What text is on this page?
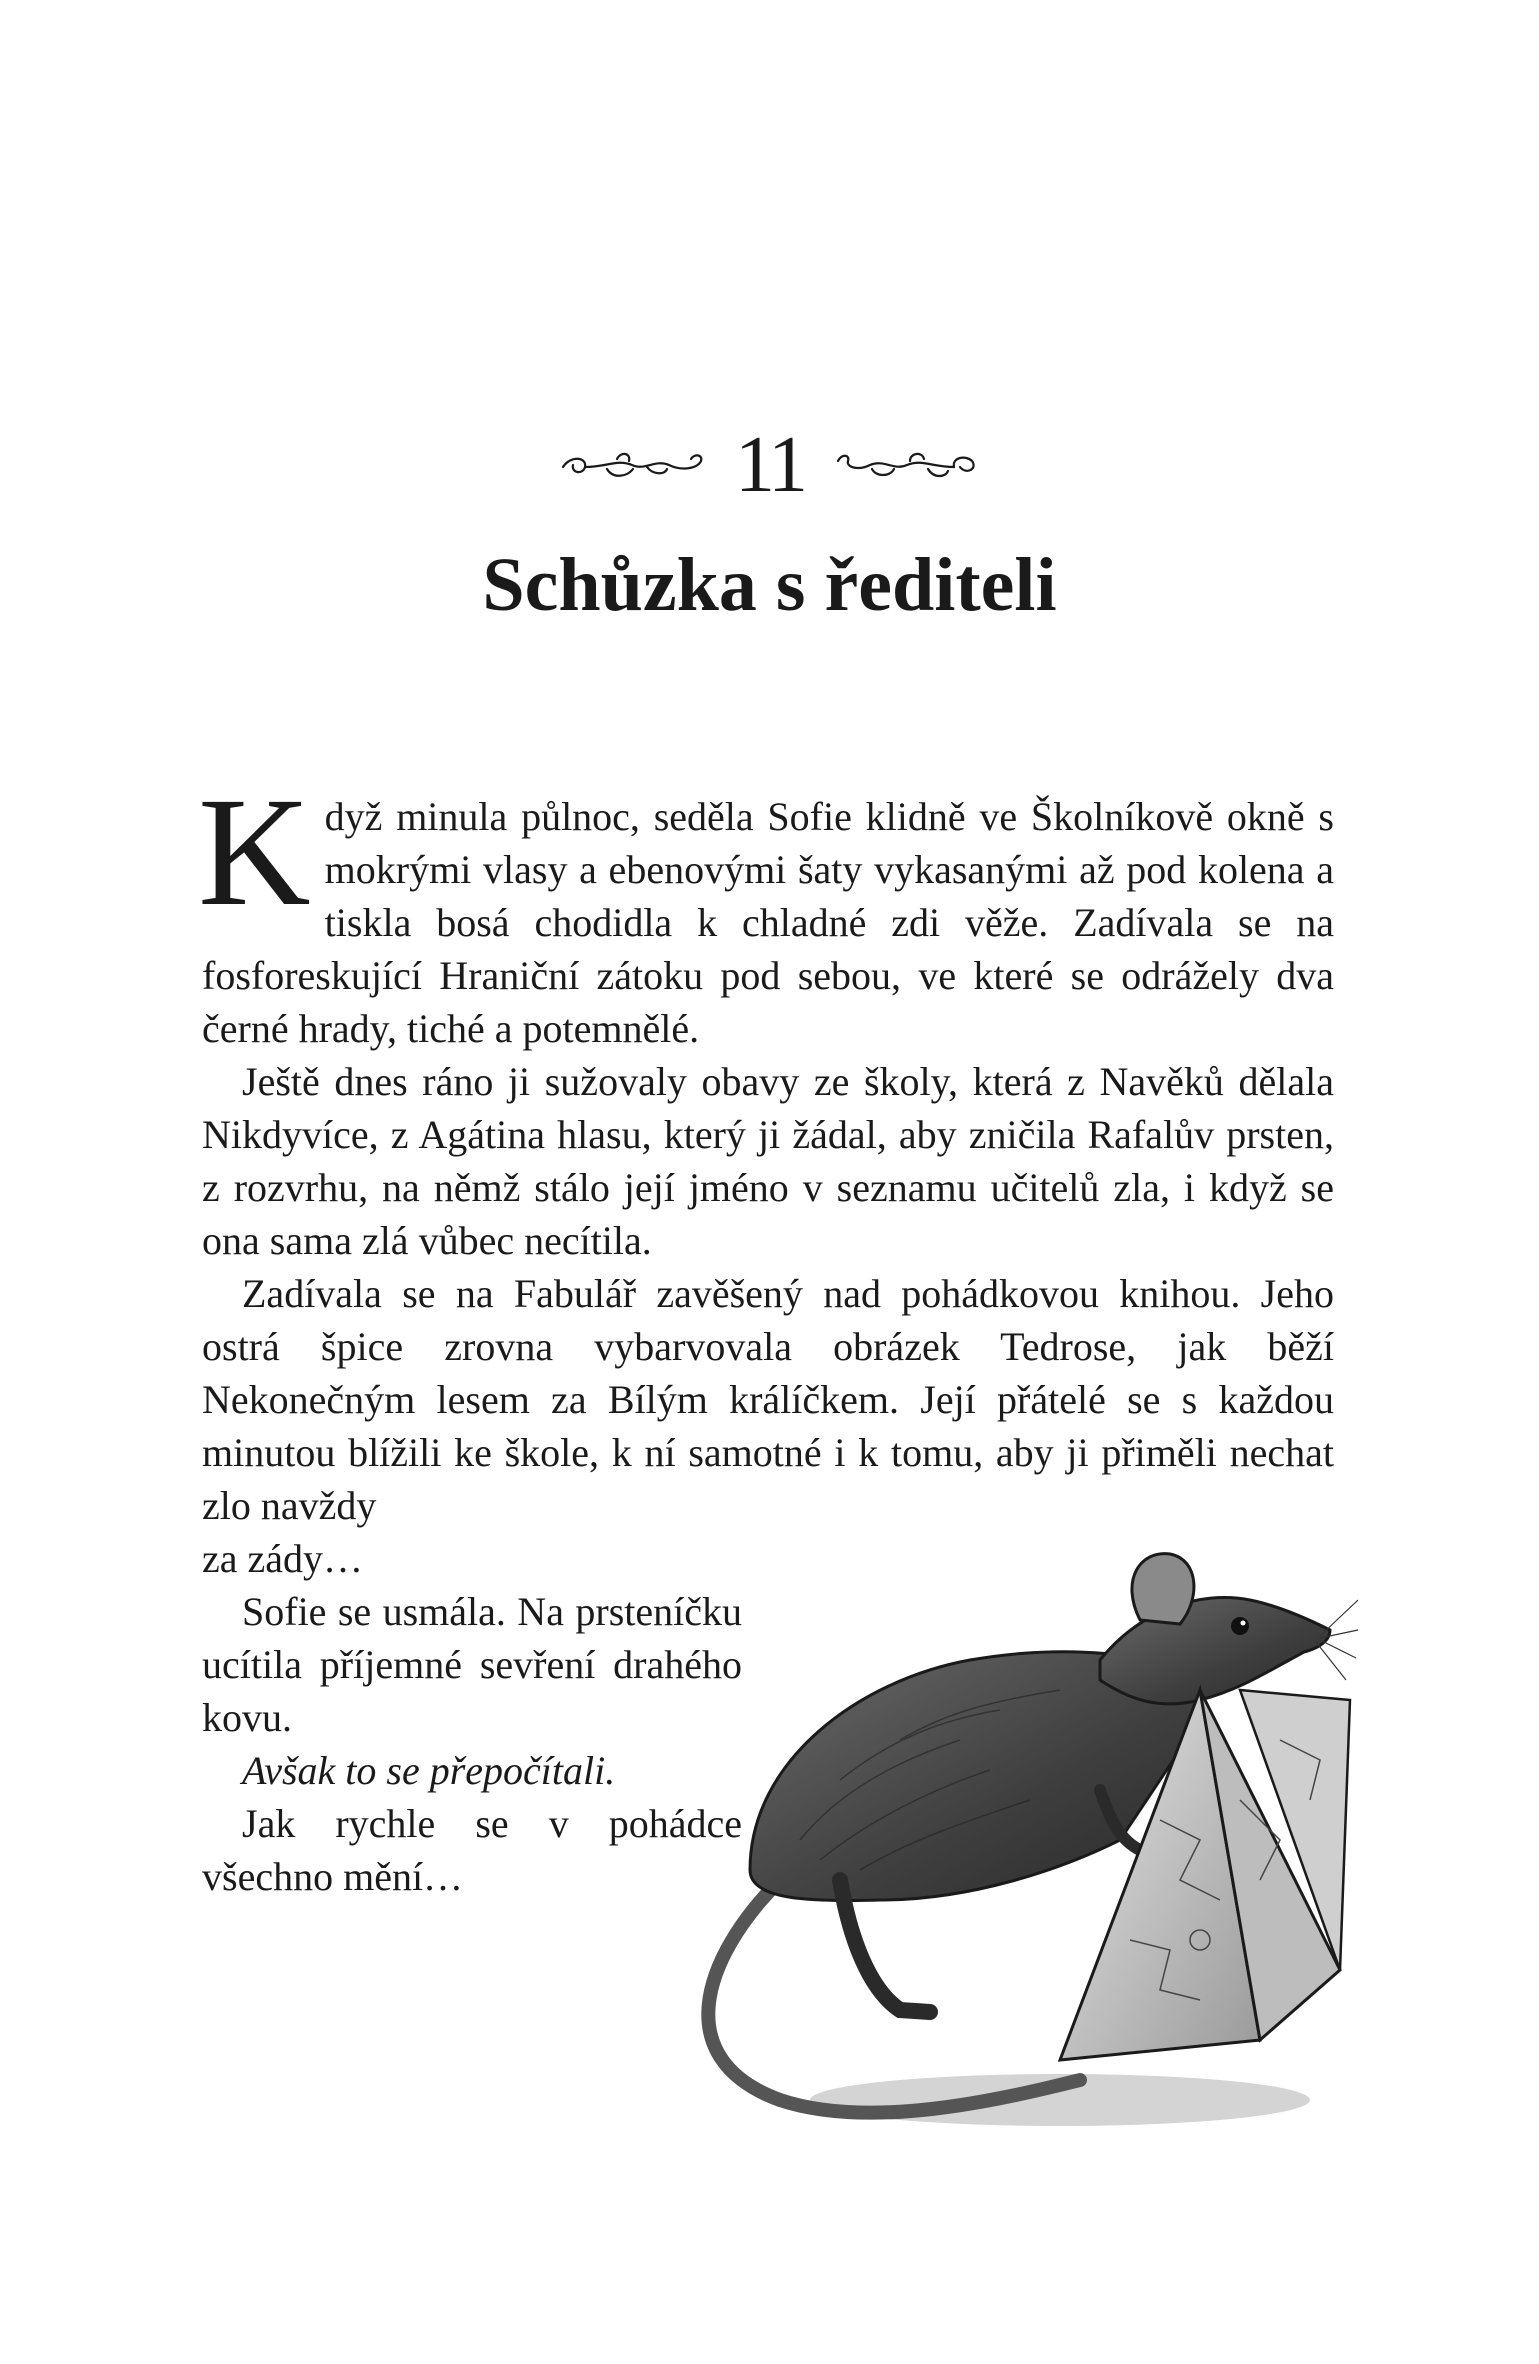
11
Schůzka s řediteli

Když minula půlnoc, seděla Sofie klidně ve Školníkově okně s mokrými vlasy a ebenovými šaty vykasanými až pod kolena a tiskla bosá chodidla k chladné zdi věže. Zadívala se na fosforeskující Hraniční zátoku pod sebou, ve které se odrážely dva černé hrady, tiché a potemnělé.

Ještě dnes ráno ji sužovaly obavy ze školy, která z Navěků dělala Nikdyvíce, z Agátina hlasu, který ji žádal, aby zničila Rafalův prsten, z rozvrhu, na němž stálo její jméno v seznamu učitelů zla, i když se ona sama zlá vůbec necítila.

Zadívala se na Fabulář zavěšený nad pohádkovou knihou. Jeho ostrá špice zrovna vybarvovala obrázek Tedrose, jak běží Nekonečným lesem za Bílým králíčkem. Její přátelé se s každou minutou blížili ke škole, k ní samotné i k tomu, aby ji přiměli nechat zlo navždy

za zády…

Sofie se usmála. Na prsteníčku ucítila příjemné sevření drahého kovu.

Avšak to se přepočítali.

Jak rychle se v pohádce všechno mění…
